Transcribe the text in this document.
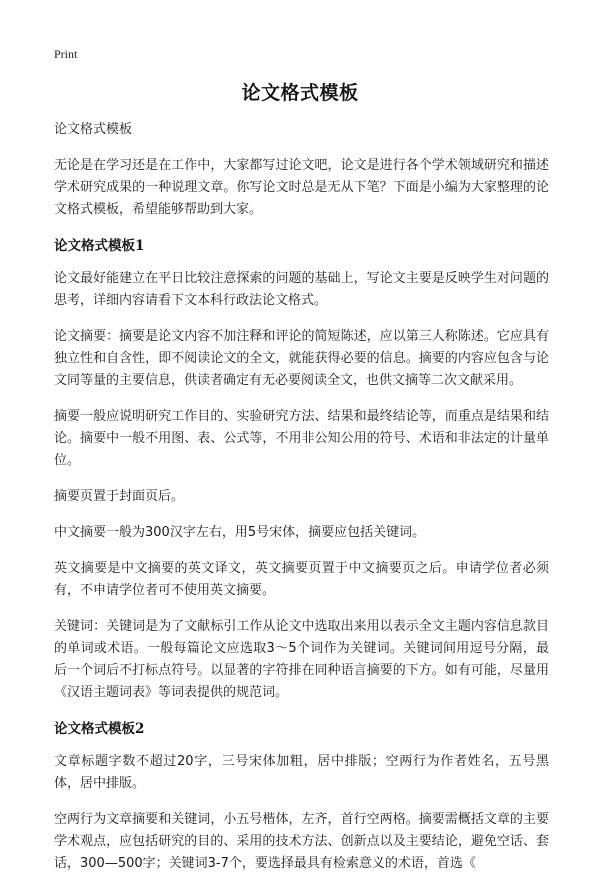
Print
论文格式模板

论文格式模板

无论是在学习还是在工作中，大家都写过论文吧，论文是进行各个学术领域研究和描述学术研究成果的一种说理文章。你写论文时总是无从下笔？下面是小编为大家整理的论文格式模板，希望能够帮助到大家。

论文格式模板1

论文最好能建立在平日比较注意探索的问题的基础上，写论文主要是反映学生对问题的思考，详细内容请看下文本科行政法论文格式。

论文摘要：摘要是论文内容不加注释和评论的简短陈述，应以第三人称陈述。它应具有独立性和自含性，即不阅读论文的全文，就能获得必要的信息。摘要的内容应包含与论文同等量的主要信息，供读者确定有无必要阅读全文，也供文摘等二次文献采用。

摘要一般应说明研究工作目的、实验研究方法、结果和最终结论等，而重点是结果和结论。摘要中一般不用图、表、公式等，不用非公知公用的符号、术语和非法定的计量单位。

摘要页置于封面页后。

中文摘要一般为300汉字左右，用5号宋体，摘要应包括关键词。

英文摘要是中文摘要的英文译文，英文摘要页置于中文摘要页之后。申请学位者必须有，不申请学位者可不使用英文摘要。

关键词：关键词是为了文献标引工作从论文中选取出来用以表示全文主题内容信息款目的单词或术语。一般每篇论文应选取3～5个词作为关键词。关键词间用逗号分隔，最后一个词后不打标点符号。以显著的字符排在同种语言摘要的下方。如有可能，尽量用《汉语主题词表》等词表提供的规范词。

论文格式模板2

文章标题字数不超过20字，三号宋体加粗，居中排版；空两行为作者姓名，五号黑体，居中排版。

空两行为文章摘要和关键词，小五号楷体，左齐，首行空两格。摘要需概括文章的主要学术观点，应包括研究的目的、采用的技术方法、创新点以及主要结论，避免空话、套话，300—500字；关键词3-7个，要选择最具有检索意义的术语，首选《
